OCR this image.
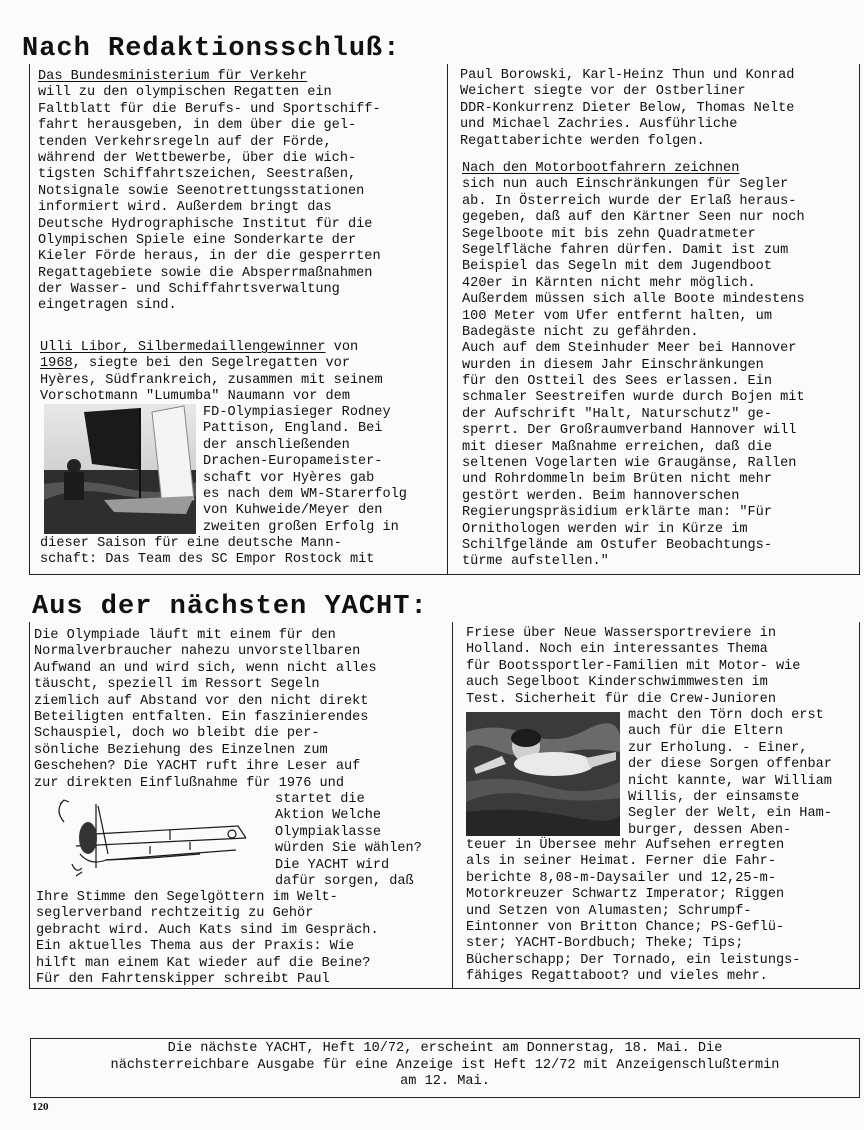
Nach Redaktionsschluß:
Das Bundesministerium für Verkehr
will zu den olympischen Regatten ein
Faltblatt für die Berufs- und Sportschiff-
fahrt herausgeben, in dem über die gel-
tenden Verkehrsregeln auf der Förde,
während der Wettbewerbe, über die wich-
tigsten Schiffahrtszeichen, Seestraßen,
Notsignale sowie Seenotrettungsstationen
informiert wird. Außerdem bringt das
Deutsche Hydrographische Institut für die
Olympischen Spiele eine Sonderkarte der
Kieler Förde heraus, in der die gesperrten
Regattagebiete sowie die Absperrmaßnahmen
der Wasser- und Schiffahrtsverwaltung
eingetragen sind.
Ulli Libor, Silbermedaillengewinner von
1968, siegte bei den Segelregatten vor
Hyères, Südfrankreich, zusammen mit seinem
Vorschotmann "Lumumba" Naumann vor dem
FD-Olympiasieger Rodney
Pattison, England. Bei
der anschließenden
Drachen-Europameister-
schaft vor Hyères gab
es nach dem WM-Starerfolg
von Kuhweide/Meyer den
zweiten großen Erfolg in
dieser Saison für eine deutsche Mann-
schaft: Das Team des SC Empor Rostock mit
Paul Borowski, Karl-Heinz Thun und Konrad
Weichert siegte vor der Ostberliner
DDR-Konkurrenz Dieter Below, Thomas Nelte
und Michael Zachries. Ausführliche
Regattaberichte werden folgen.
Nach den Motorbootfahrern zeichnen
sich nun auch Einschränkungen für Segler
ab. In Österreich wurde der Erlaß heraus-
gegeben, daß auf den Kärtner Seen nur noch
Segelboote mit bis zehn Quadratmeter
Segelfläche fahren dürfen. Damit ist zum
Beispiel das Segeln mit dem Jugendboot
420er in Kärnten nicht mehr möglich.
Außerdem müssen sich alle Boote mindestens
100 Meter vom Ufer entfernt halten, um
Badegäste nicht zu gefährden.
Auch auf dem Steinhuder Meer bei Hannover
wurden in diesem Jahr Einschränkungen
für den Ostteil des Sees erlassen. Ein
schmaler Seestreifen wurde durch Bojen mit
der Aufschrift "Halt, Naturschutz" ge-
sperrt. Der Großraumverband Hannover will
mit dieser Maßnahme erreichen, daß die
seltenen Vogelarten wie Graugänse, Rallen
und Rohrdommeln beim Brüten nicht mehr
gestört werden. Beim hannoverschen
Regierungspräsidium erklärte man: "Für
Ornithologen werden wir in Kürze im
Schilfgelände am Ostufer Beobachtungs-
türme aufstellen."
Aus der nächsten YACHT:
Die Olympiade läuft mit einem für den
Normalverbraucher nahezu unvorstellbaren
Aufwand an und wird sich, wenn nicht alles
täuscht, speziell im Ressort Segeln
ziemlich auf Abstand vor den nicht direkt
Beteiligten entfalten. Ein faszinierendes
Schauspiel, doch wo bleibt die per-
sönliche Beziehung des Einzelnen zum
Geschehen? Die YACHT ruft ihre Leser auf
zur direkten Einflußnahme für 1976 und
startet die
Aktion Welche
Olympiaklasse
würden Sie wählen?
Die YACHT wird
dafür sorgen, daß
Ihre Stimme den Segelgöttern im Welt-
seglerverband rechtzeitig zu Gehör
gebracht wird. Auch Kats sind im Gespräch.
Ein aktuelles Thema aus der Praxis: Wie
hilft man einem Kat wieder auf die Beine?
Für den Fahrtenskipper schreibt Paul
Friese über Neue Wassersportreviere in
Holland. Noch ein interessantes Thema
für Bootssportler-Familien mit Motor- wie
auch Segelboot Kinderschwimmwesten im
Test. Sicherheit für die Crew-Junioren
macht den Törn doch erst
auch für die Eltern
zur Erholung. - Einer,
der diese Sorgen offenbar
nicht kannte, war William
Willis, der einsamste
Segler der Welt, ein Ham-
burger, dessen Aben-
teuer in Übersee mehr Aufsehen erregten
als in seiner Heimat. Ferner die Fahr-
berichte 8,08-m-Daysailer und 12,25-m-
Motorkreuzer Schwartz Imperator; Riggen
und Setzen von Alumasten; Schrumpf-
Eintonner von Britton Chance; PS-Geflü-
ster; YACHT-Bordbuch; Theke; Tips;
Bücherschapp; Der Tornado, ein leistungs-
fähiges Regattaboot? und vieles mehr.
Die nächste YACHT, Heft 10/72, erscheint am Donnerstag, 18. Mai. Die
nächsterreichbare Ausgabe für eine Anzeige ist Heft 12/72 mit Anzeigenschlußtermin
am 12. Mai.
120
